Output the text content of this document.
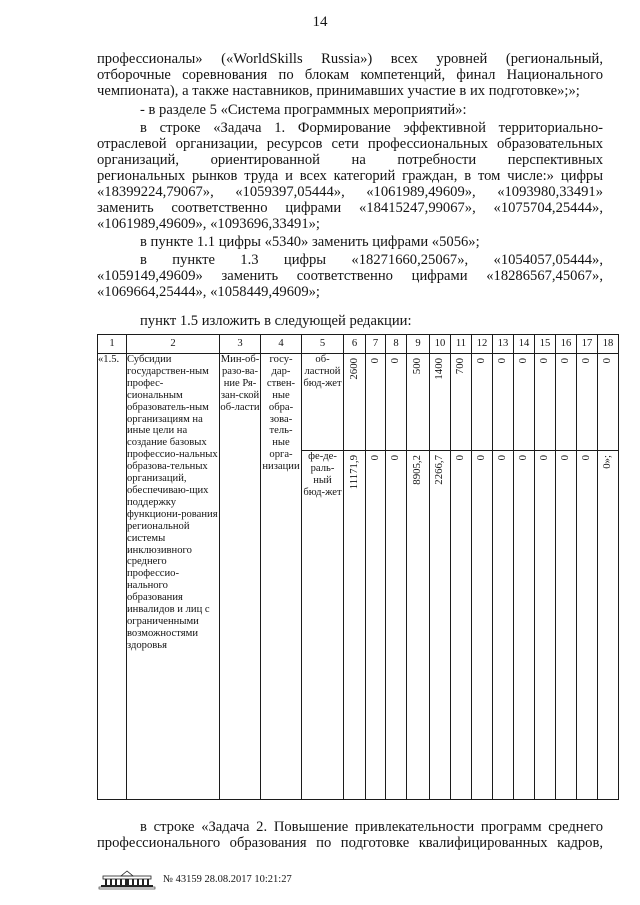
14

профессионалы» («WorldSkills Russia») всех уровней (региональный,

отборочные соревнования по блокам компетенций, финал Национального

чемпионата), а также наставников, принимавших участие в их подготовке»;»;

- в разделе 5 «Система программных мероприятий»:

в строке «Задача 1. Формирование эффективной территориально-

отраслевой организации, ресурсов сети профессиональных образовательных

организаций, ориентированной на потребности перспективных

региональных рынков труда и всех категорий граждан, в том числе:» цифры

«18399224,79067», «1059397,05444», «1061989,49609», «1093980,33491»

заменить соответственно цифрами «18415247,99067», «1075704,25444»,

«1061989,49609», «1093696,33491»;

в пункте 1.1 цифры «5340» заменить цифрами «5056»;

в пункте 1.3 цифры «18271660,25067», «1054057,05444»,

«1059149,49609» заменить соответственно цифрами «18286567,45067»,

«1069664,25444», «1058449,49609»;

пункт 1.5 изложить в следующей редакции:

1	2	3	4	5	6	7	8	9	10	11	12	13	14	15	16	17	18
«1.5.	Субсидии государствен-ным профес-сиональным образователь-ным организациям на иные цели на создание базовых профессио-нальных образова-тельных организаций, обеспечиваю-щих поддержку функциони-рования региональной системы инклюзивного среднего профессио-нального образования инвалидов и лиц с ограниченными возможностями здоровья	Мин-об-разо-ва-ние Ря-зан-ской об-ласти	госу-дар-ствен-ные обра-зова-тель-ные орга-низации	об-ластной бюд-жет	2600	0	0	500	1400	700	0	0	0	0	0	0	0

				фе-де-раль-ный бюд-жет	11171,9	0	0	8905,2	2266,7	0	0	0	0	0	0	0	0»;

в строке «Задача 2. Повышение привлекательности программ среднего

профессионального образования по подготовке квалифицированных кадров,

№ 43159 28.08.2017 10:21:27
